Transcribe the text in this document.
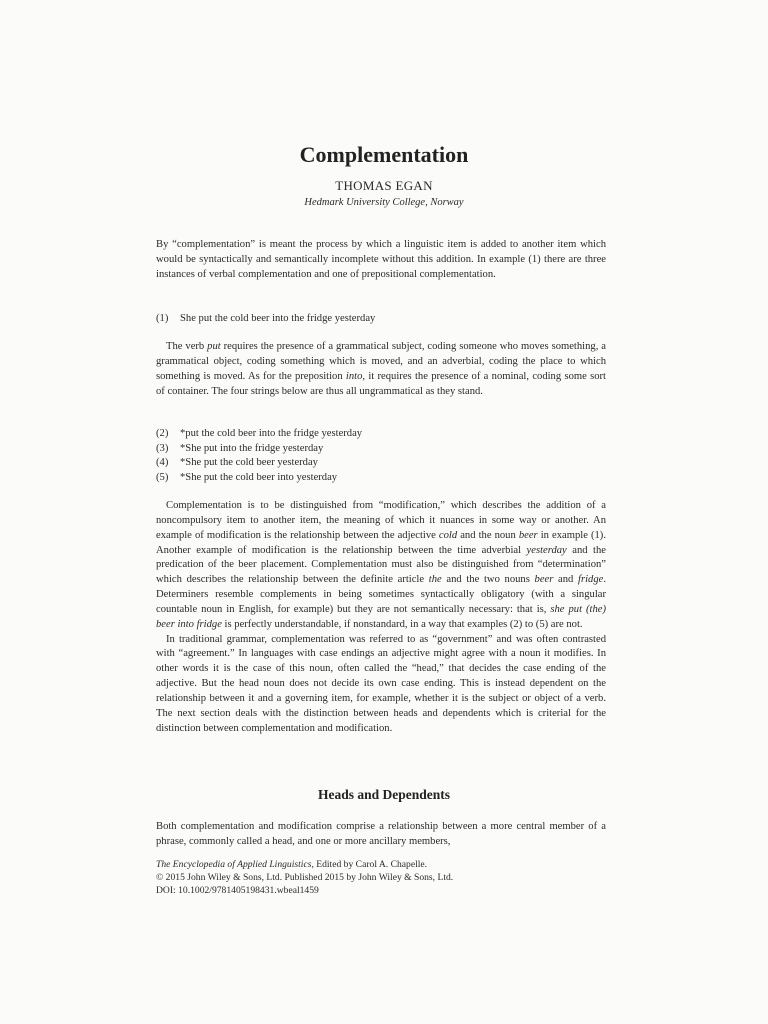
Complementation
THOMAS EGAN
Hedmark University College, Norway

By “complementation” is meant the process by which a linguistic item is added to another item which would be syntactically and semantically incomplete without this addition. In example (1) there are three instances of verbal complementation and one of prepositional complementation.

(1)	She put the cold beer into the fridge yesterday

The verb put requires the presence of a grammatical subject, coding someone who moves something, a grammatical object, coding something which is moved, and an adverbial, coding the place to which something is moved. As for the preposition into, it requires the presence of a nominal, coding some sort of container. The four strings below are thus all ungrammatical as they stand.

(2)	*put the cold beer into the fridge yesterday
(3)	*She put into the fridge yesterday
(4)	*She put the cold beer yesterday
(5)	*She put the cold beer into yesterday

Complementation is to be distinguished from “modification,” which describes the addition of a noncompulsory item to another item, the meaning of which it nuances in some way or another. An example of modification is the relationship between the adjective cold and the noun beer in example (1). Another example of modification is the relationship between the time adverbial yesterday and the predication of the beer placement. Complementation must also be distinguished from “determination” which describes the relationship between the definite article the and the two nouns beer and fridge. Determiners resemble complements in being sometimes syntactically obligatory (with a singular countable noun in English, for example) but they are not semantically necessary: that is, she put (the) beer into fridge is perfectly understandable, if nonstandard, in a way that examples (2) to (5) are not.

In traditional grammar, complementation was referred to as “government” and was often contrasted with “agreement.” In languages with case endings an adjective might agree with a noun it modifies. In other words it is the case of this noun, often called the “head,” that decides the case ending of the adjective. But the head noun does not decide its own case ending. This is instead dependent on the relationship between it and a governing item, for example, whether it is the subject or object of a verb. The next section deals with the distinction between heads and dependents which is criterial for the distinction between complementation and modification.

Heads and Dependents

Both complementation and modification comprise a relationship between a more central member of a phrase, commonly called a head, and one or more ancillary members,

The Encyclopedia of Applied Linguistics, Edited by Carol A. Chapelle.
© 2015 John Wiley & Sons, Ltd. Published 2015 by John Wiley & Sons, Ltd.
DOI: 10.1002/9781405198431.wbeal1459
